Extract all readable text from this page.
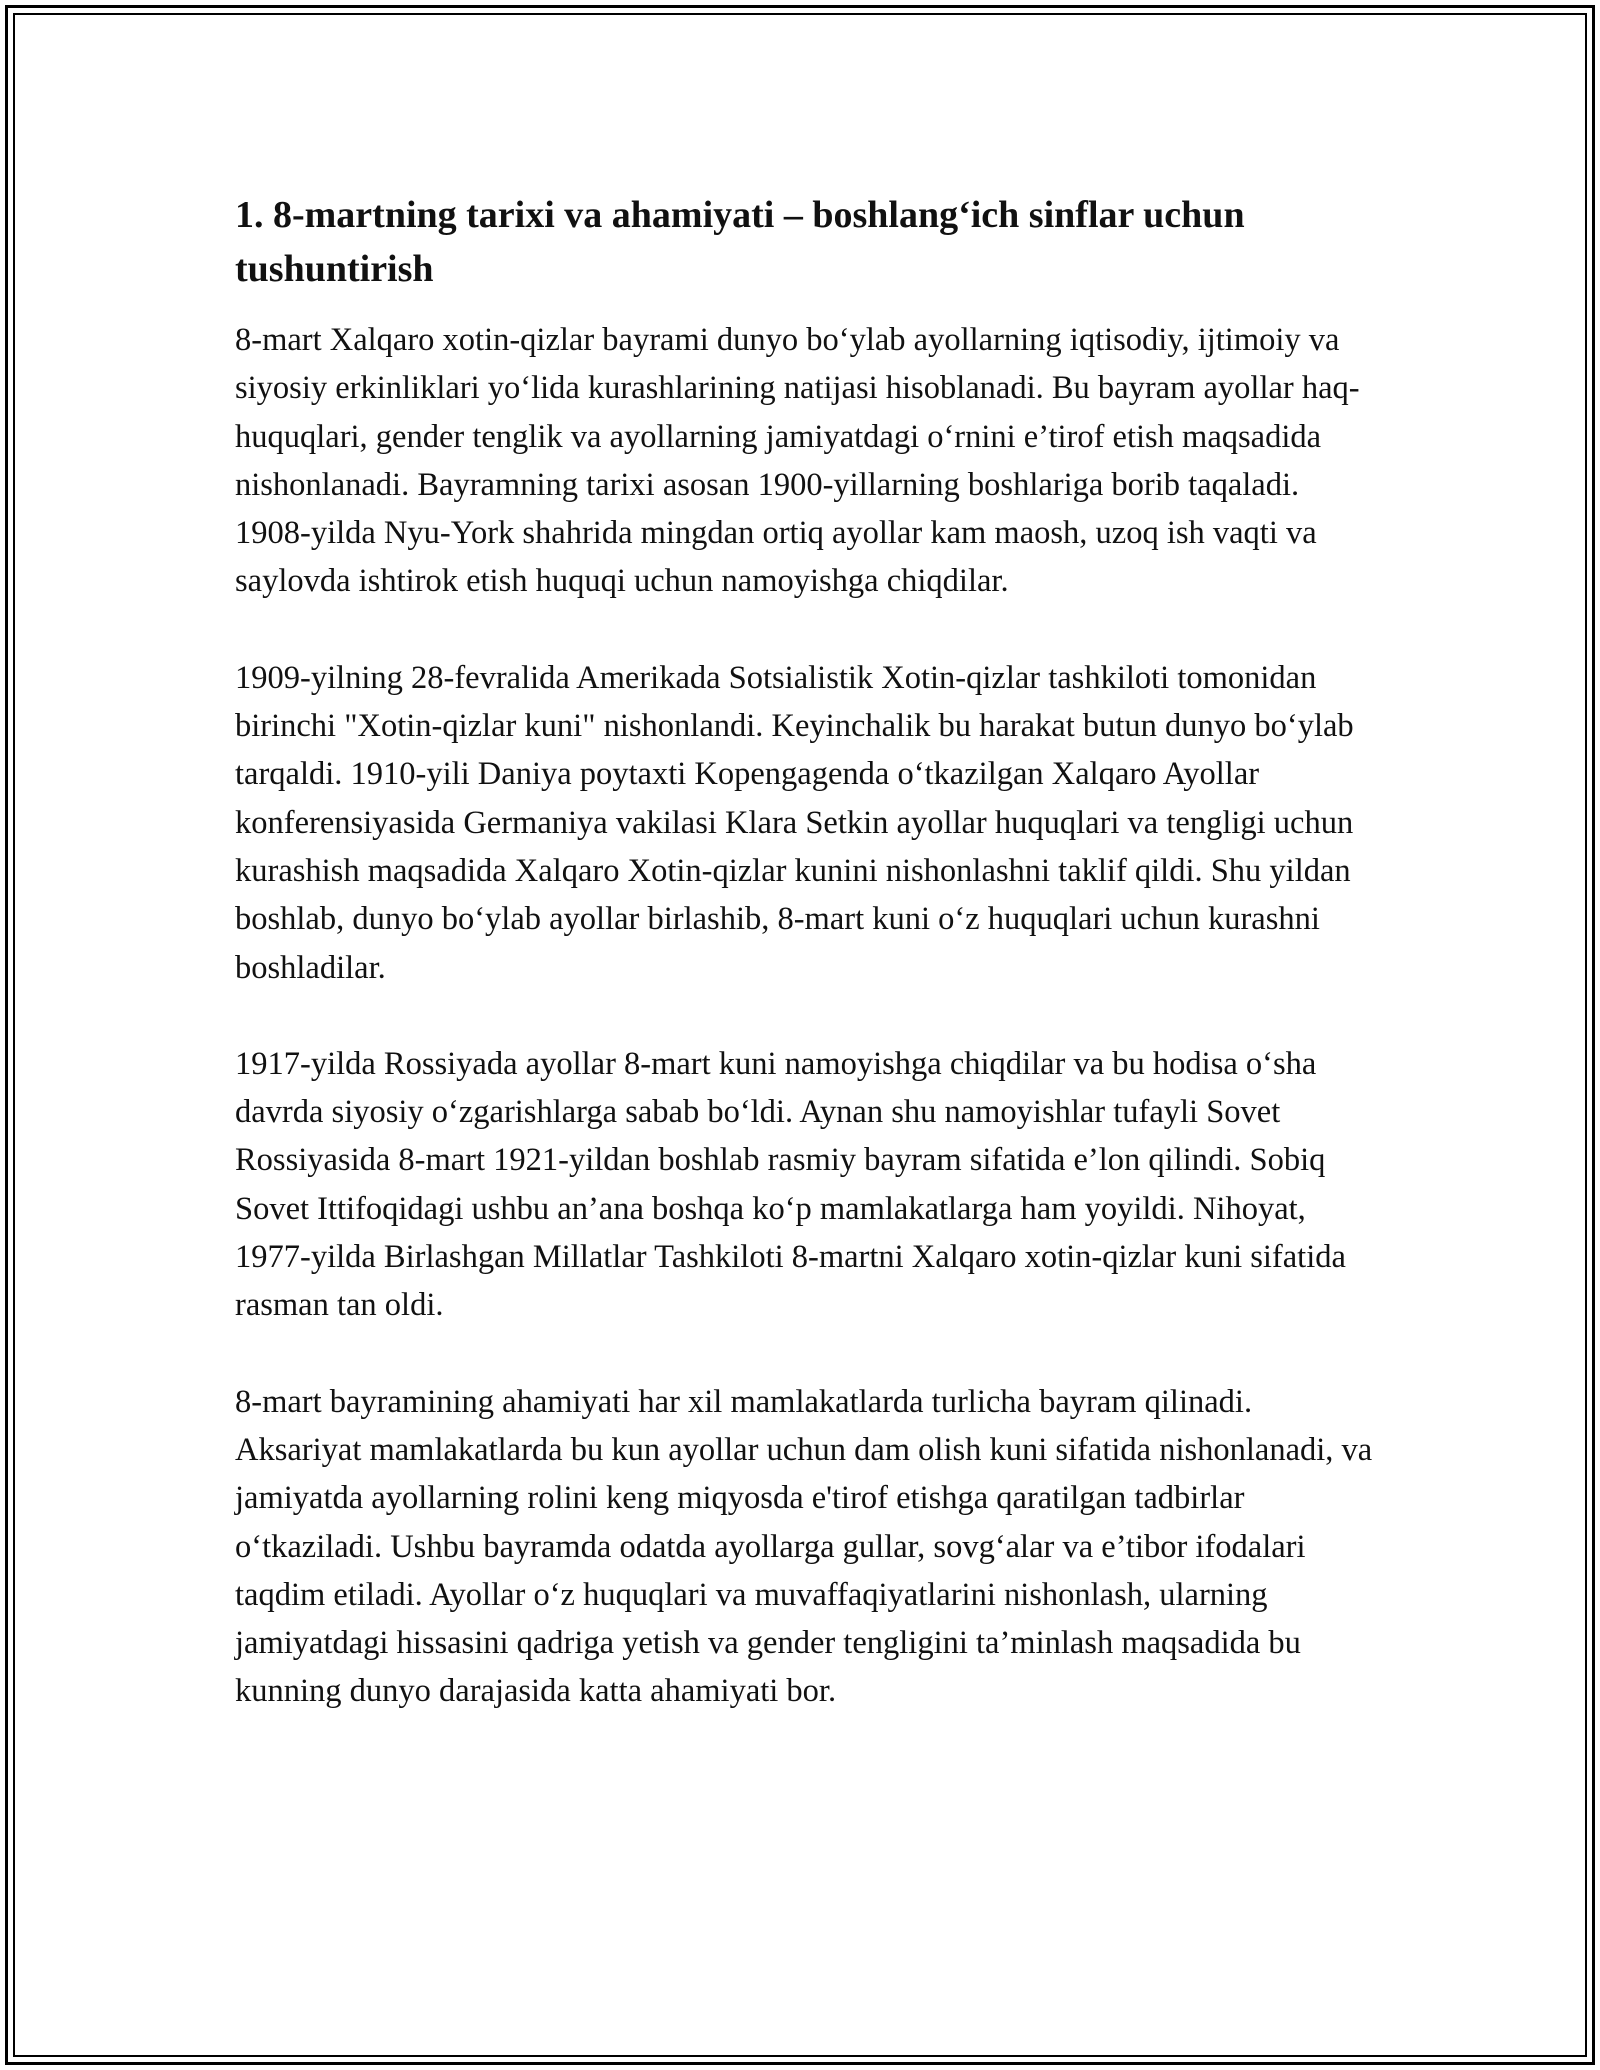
1. 8-martning tarixi va ahamiyati – boshlang‘ich sinflar uchun tushuntirish

8-mart Xalqaro xotin-qizlar bayrami dunyo bo‘ylab ayollarning iqtisodiy, ijtimoiy va siyosiy erkinliklari yo‘lida kurashlarining natijasi hisoblanadi. Bu bayram ayollar haq-huquqlari, gender tenglik va ayollarning jamiyatdagi o‘rnini e’tirof etish maqsadida nishonlanadi. Bayramning tarixi asosan 1900-yillarning boshlariga borib taqaladi. 1908-yilda Nyu-York shahrida mingdan ortiq ayollar kam maosh, uzoq ish vaqti va saylovda ishtirok etish huquqi uchun namoyishga chiqdilar.

1909-yilning 28-fevralida Amerikada Sotsialistik Xotin-qizlar tashkiloti tomonidan birinchi "Xotin-qizlar kuni" nishonlandi. Keyinchalik bu harakat butun dunyo bo‘ylab tarqaldi. 1910-yili Daniya poytaxti Kopengagenda o‘tkazilgan Xalqaro Ayollar konferensiyasida Germaniya vakilasi Klara Setkin ayollar huquqlari va tengligi uchun kurashish maqsadida Xalqaro Xotin-qizlar kunini nishonlashni taklif qildi. Shu yildan boshlab, dunyo bo‘ylab ayollar birlashib, 8-mart kuni o‘z huquqlari uchun kurashni boshladilar.

1917-yilda Rossiyada ayollar 8-mart kuni namoyishga chiqdilar va bu hodisa o‘sha davrda siyosiy o‘zgarishlarga sabab bo‘ldi. Aynan shu namoyishlar tufayli Sovet Rossiyasida 8-mart 1921-yildan boshlab rasmiy bayram sifatida e’lon qilindi. Sobiq Sovet Ittifoqidagi ushbu an’ana boshqa ko‘p mamlakatlarga ham yoyildi. Nihoyat, 1977-yilda Birlashgan Millatlar Tashkiloti 8-martni Xalqaro xotin-qizlar kuni sifatida rasman tan oldi.

8-mart bayramining ahamiyati har xil mamlakatlarda turlicha bayram qilinadi. Aksariyat mamlakatlarda bu kun ayollar uchun dam olish kuni sifatida nishonlanadi, va jamiyatda ayollarning rolini keng miqyosda e'tirof etishga qaratilgan tadbirlar o‘tkaziladi. Ushbu bayramda odatda ayollarga gullar, sovg‘alar va e’tibor ifodalari taqdim etiladi. Ayollar o‘z huquqlari va muvaffaqiyatlarini nishonlash, ularning jamiyatdagi hissasini qadriga yetish va gender tengligini ta’minlash maqsadida bu kunning dunyo darajasida katta ahamiyati bor.
